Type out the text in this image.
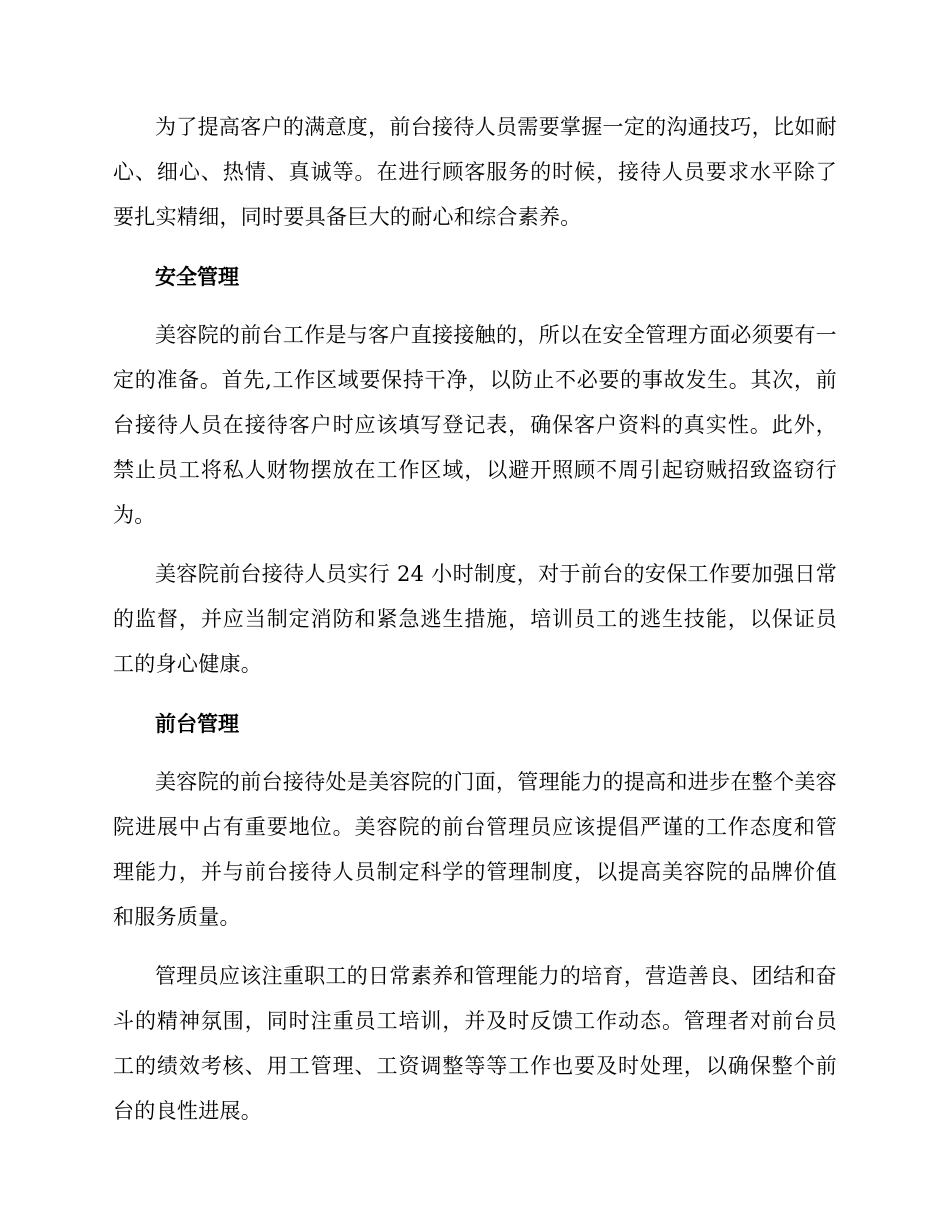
为了提高客户的满意度，前台接待人员需要掌握一定的沟通技巧，比如耐心、细心、热情、真诚等。在进行顾客服务的时候，接待人员要求水平除了要扎实精细，同时要具备巨大的耐心和综合素养。

安全管理

美容院的前台工作是与客户直接接触的，所以在安全管理方面必须要有一定的准备。首先,工作区域要保持干净，以防止不必要的事故发生。其次，前台接待人员在接待客户时应该填写登记表，确保客户资料的真实性。此外，禁止员工将私人财物摆放在工作区域，以避开照顾不周引起窃贼招致盗窃行为。

美容院前台接待人员实行 24 小时制度，对于前台的安保工作要加强日常的监督，并应当制定消防和紧急逃生措施，培训员工的逃生技能，以保证员工的身心健康。

前台管理

美容院的前台接待处是美容院的门面，管理能力的提高和进步在整个美容院进展中占有重要地位。美容院的前台管理员应该提倡严谨的工作态度和管理能力，并与前台接待人员制定科学的管理制度，以提高美容院的品牌价值和服务质量。

管理员应该注重职工的日常素养和管理能力的培育，营造善良、团结和奋斗的精神氛围，同时注重员工培训，并及时反馈工作动态。管理者对前台员工的绩效考核、用工管理、工资调整等等工作也要及时处理，以确保整个前台的良性进展。
